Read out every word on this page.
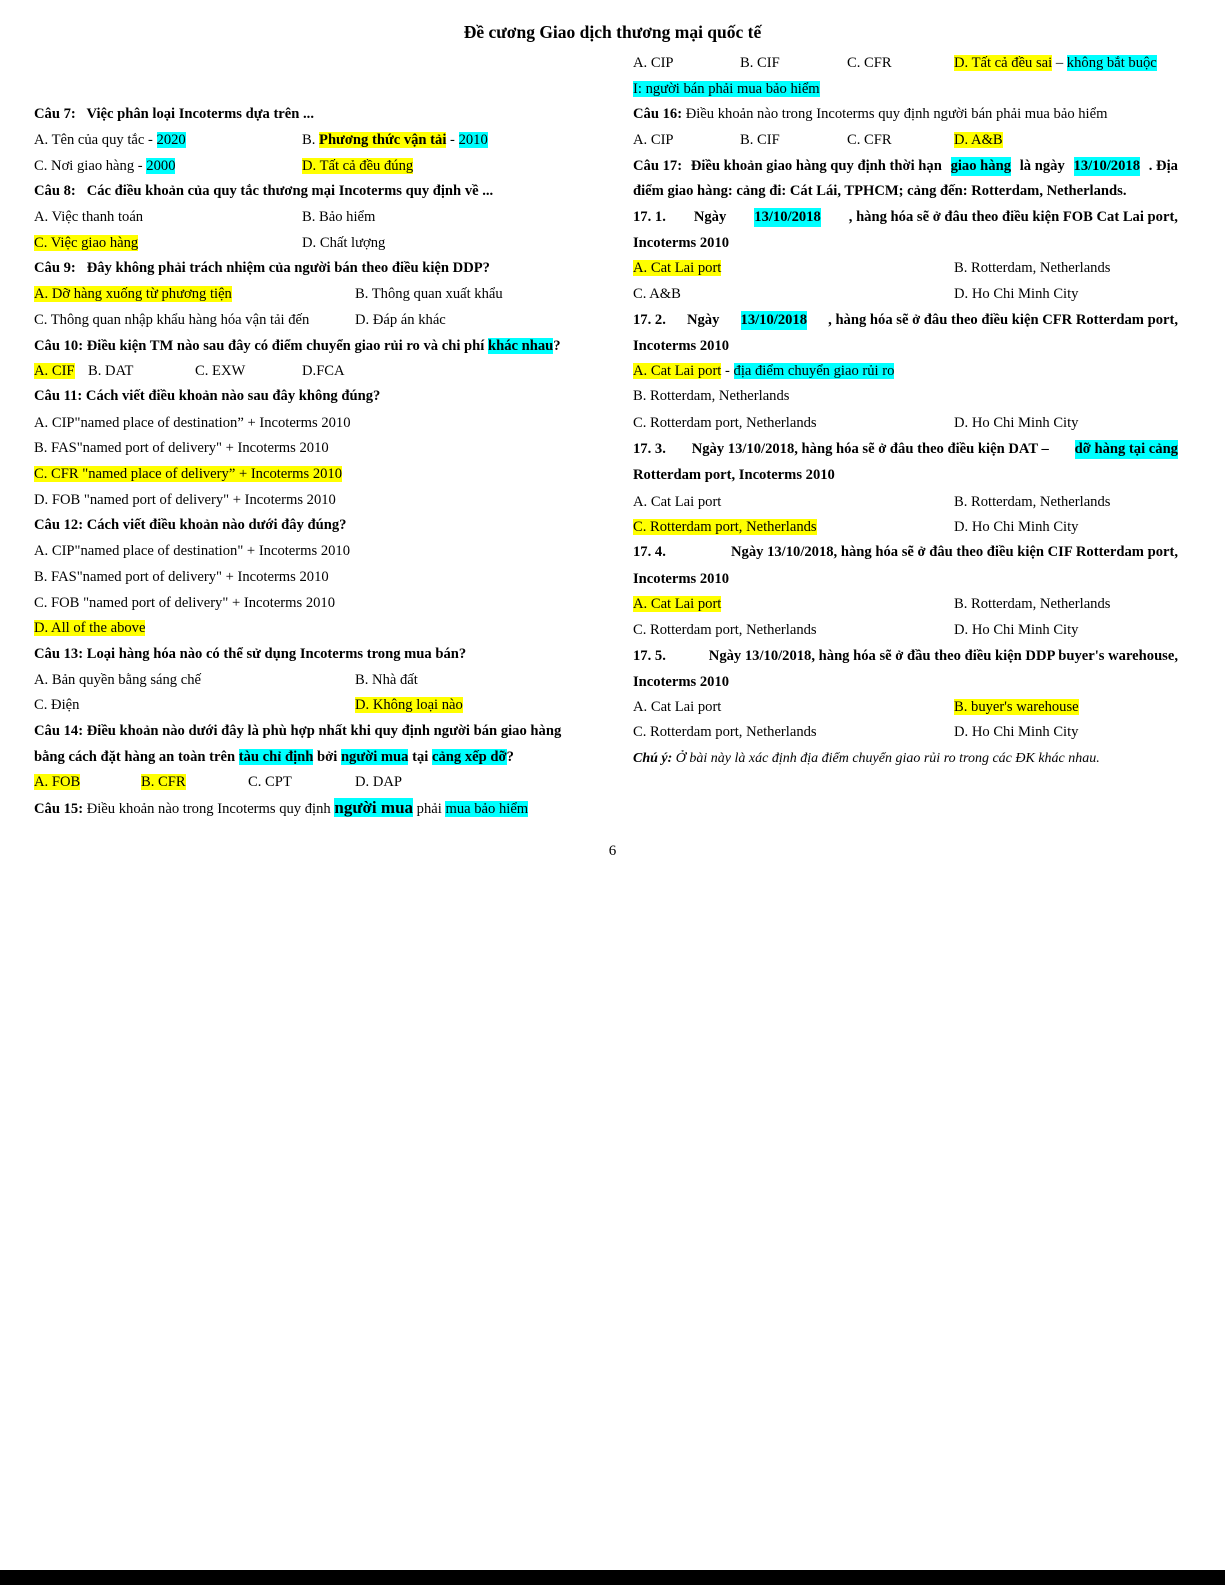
Đề cương Giao dịch thương mại quốc tế
Câu 7: Việc phân loại Incoterms dựa trên ...
A. Tên của quy tắc - 2020	B. Phương thức vận tải - 2010
C. Nơi giao hàng - 2000	D. Tất cả đều đúng
Câu 8: Các điều khoản của quy tắc thương mại Incoterms quy định về ...
A. Việc thanh toán	B. Bảo hiểm
C. Việc giao hàng	D. Chất lượng
Câu 9: Đây không phải trách nhiệm của người bán theo điều kiện DDP?
A. Dỡ hàng xuống từ phương tiện	B. Thông quan xuất khẩu
C. Thông quan nhập khẩu hàng hóa vận tải đến	D. Đáp án khác
Câu 10: Điều kiện TM nào sau đây có điểm chuyển giao rủi ro và chi phí khác nhau?
A. CIF B. DAT	C. EXW	D.FCA
Câu 11: Cách viết điều khoản nào sau đây không đúng?
A. CIP"named place of destination” + Incoterms 2010
B. FAS"named port of delivery" + Incoterms 2010
C. CFR "named place of delivery” + Incoterms 2010
D. FOB "named port of delivery" + Incoterms 2010
Câu 12: Cách viết điều khoản nào dưới đây đúng?
A. CIP"named place of destination" + Incoterms 2010
B. FAS"named port of delivery" + Incoterms 2010
C. FOB "named port of delivery" + Incoterms 2010
D. All of the above
Câu 13: Loại hàng hóa nào có thể sử dụng Incoterms trong mua bán?
A. Bản quyền bằng sáng chế	B. Nhà đất
C. Điện	D. Không loại nào
Câu 14: Điều khoản nào dưới đây là phù hợp nhất khi quy định người bán giao hàng
bằng cách đặt hàng an toàn trên tàu chỉ định bởi người mua tại cảng xếp dỡ?
A. FOB	B. CFR	C. CPT	D. DAP
Câu 15: Điều khoản nào trong Incoterms quy định người mua phải mua bảo hiểm
A. CIP	B. CIF	C. CFR	D. Tất cả đều sai – không bắt buộc
I: người bán phải mua bảo hiểm
Câu 16: Điều khoản nào trong Incoterms quy định người bán phải mua bảo hiểm
A. CIP	B. CIF	C. CFR	D. A&B
Câu 17: Điều khoản giao hàng quy định thời hạn giao hàng là ngày 13/10/2018 . Địa
điểm giao hàng: cảng đi: Cát Lái, TPHCM; cảng đến: Rotterdam, Netherlands.
17. 1. Ngày 13/10/2018 , hàng hóa sẽ ở đâu theo điều kiện FOB Cat Lai port,
Incoterms 2010
A. Cat Lai port	B. Rotterdam, Netherlands
C. A&B	D. Ho Chi Minh City
17. 2. Ngày 13/10/2018 , hàng hóa sẽ ở đâu theo điều kiện CFR Rotterdam port,
Incoterms 2010
A. Cat Lai port - địa điểm chuyển giao rủi ro
B. Rotterdam, Netherlands
C. Rotterdam port, Netherlands	D. Ho Chi Minh City
17. 3. Ngày 13/10/2018, hàng hóa sẽ ở đâu theo điều kiện DAT – dỡ hàng tại cảng
Rotterdam port, Incoterms 2010
A. Cat Lai port	B. Rotterdam, Netherlands
C. Rotterdam port, Netherlands	D. Ho Chi Minh City
17. 4.	Ngày 13/10/2018, hàng hóa sẽ ở đâu theo điều kiện CIF Rotterdam port,
Incoterms 2010
A. Cat Lai port	B. Rotterdam, Netherlands
C. Rotterdam port, Netherlands	D. Ho Chi Minh City
17. 5.	Ngày 13/10/2018, hàng hóa sẽ ở đầu theo điều kiện DDP buyer's warehouse,
Incoterms 2010
A. Cat Lai port	B. buyer's warehouse
C. Rotterdam port, Netherlands	D. Ho Chi Minh City
Chú ý: Ở bài này là xác định địa điểm chuyển giao rủi ro trong các ĐK khác nhau.
6
